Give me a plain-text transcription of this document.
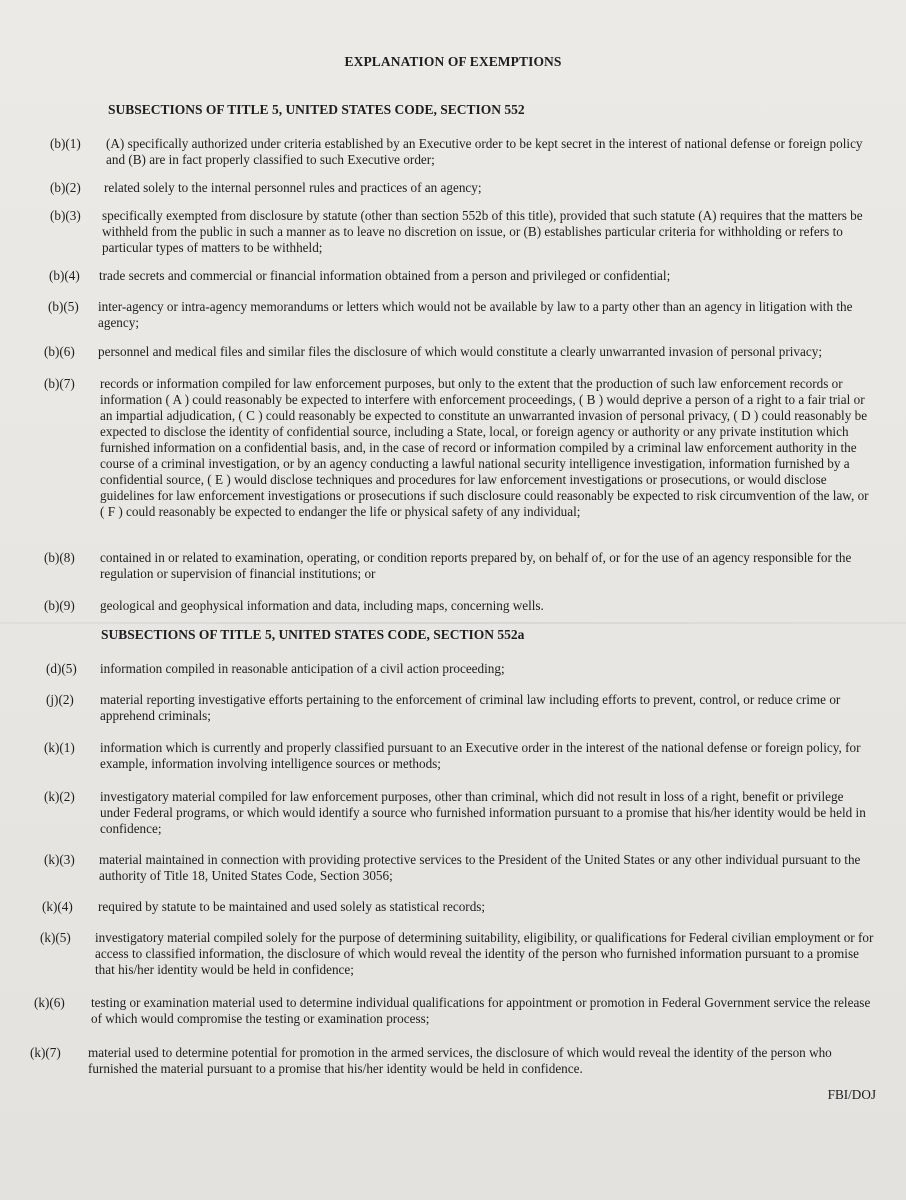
EXPLANATION OF EXEMPTIONS
SUBSECTIONS OF TITLE 5, UNITED STATES CODE, SECTION 552
(b)(1) (A) specifically authorized under criteria established by an Executive order to be kept secret in the interest of national defense or foreign policy and (B) are in fact properly classified to such Executive order;
(b)(2) related solely to the internal personnel rules and practices of an agency;
(b)(3) specifically exempted from disclosure by statute (other than section 552b of this title), provided that such statute (A) requires that the matters be withheld from the public in such a manner as to leave no discretion on issue, or (B) establishes particular criteria for withholding or refers to particular types of matters to be withheld;
(b)(4) trade secrets and commercial or financial information obtained from a person and privileged or confidential;
(b)(5) inter-agency or intra-agency memorandums or letters which would not be available by law to a party other than an agency in litigation with the agency;
(b)(6) personnel and medical files and similar files the disclosure of which would constitute a clearly unwarranted invasion of personal privacy;
(b)(7) records or information compiled for law enforcement purposes, but only to the extent that the production of such law enforcement records or information ( A ) could reasonably be expected to interfere with enforcement proceedings, ( B ) would deprive a person of a right to a fair trial or an impartial adjudication, ( C ) could reasonably be expected to constitute an unwarranted invasion of personal privacy, ( D ) could reasonably be expected to disclose the identity of confidential source, including a State, local, or foreign agency or authority or any private institution which furnished information on a confidential basis, and, in the case of record or information compiled by a criminal law enforcement authority in the course of a criminal investigation, or by an agency conducting a lawful national security intelligence investigation, information furnished by a confidential source, ( E ) would disclose techniques and procedures for law enforcement investigations or prosecutions, or would disclose guidelines for law enforcement investigations or prosecutions if such disclosure could reasonably be expected to risk circumvention of the law, or ( F ) could reasonably be expected to endanger the life or physical safety of any individual;
(b)(8) contained in or related to examination, operating, or condition reports prepared by, on behalf of, or for the use of an agency responsible for the regulation or supervision of financial institutions; or
(b)(9) geological and geophysical information and data, including maps, concerning wells.
SUBSECTIONS OF TITLE 5, UNITED STATES CODE, SECTION 552a
(d)(5) information compiled in reasonable anticipation of a civil action proceeding;
(j)(2) material reporting investigative efforts pertaining to the enforcement of criminal law including efforts to prevent, control, or reduce crime or apprehend criminals;
(k)(1) information which is currently and properly classified pursuant to an Executive order in the interest of the national defense or foreign policy, for example, information involving intelligence sources or methods;
(k)(2) investigatory material compiled for law enforcement purposes, other than criminal, which did not result in loss of a right, benefit or privilege under Federal programs, or which would identify a source who furnished information pursuant to a promise that his/her identity would be held in confidence;
(k)(3) material maintained in connection with providing protective services to the President of the United States or any other individual pursuant to the authority of Title 18, United States Code, Section 3056;
(k)(4) required by statute to be maintained and used solely as statistical records;
(k)(5) investigatory material compiled solely for the purpose of determining suitability, eligibility, or qualifications for Federal civilian employment or for access to classified information, the disclosure of which would reveal the identity of the person who furnished information pursuant to a promise that his/her identity would be held in confidence;
(k)(6) testing or examination material used to determine individual qualifications for appointment or promotion in Federal Government service the release of which would compromise the testing or examination process;
(k)(7) material used to determine potential for promotion in the armed services, the disclosure of which would reveal the identity of the person who furnished the material pursuant to a promise that his/her identity would be held in confidence.
FBI/DOJ
